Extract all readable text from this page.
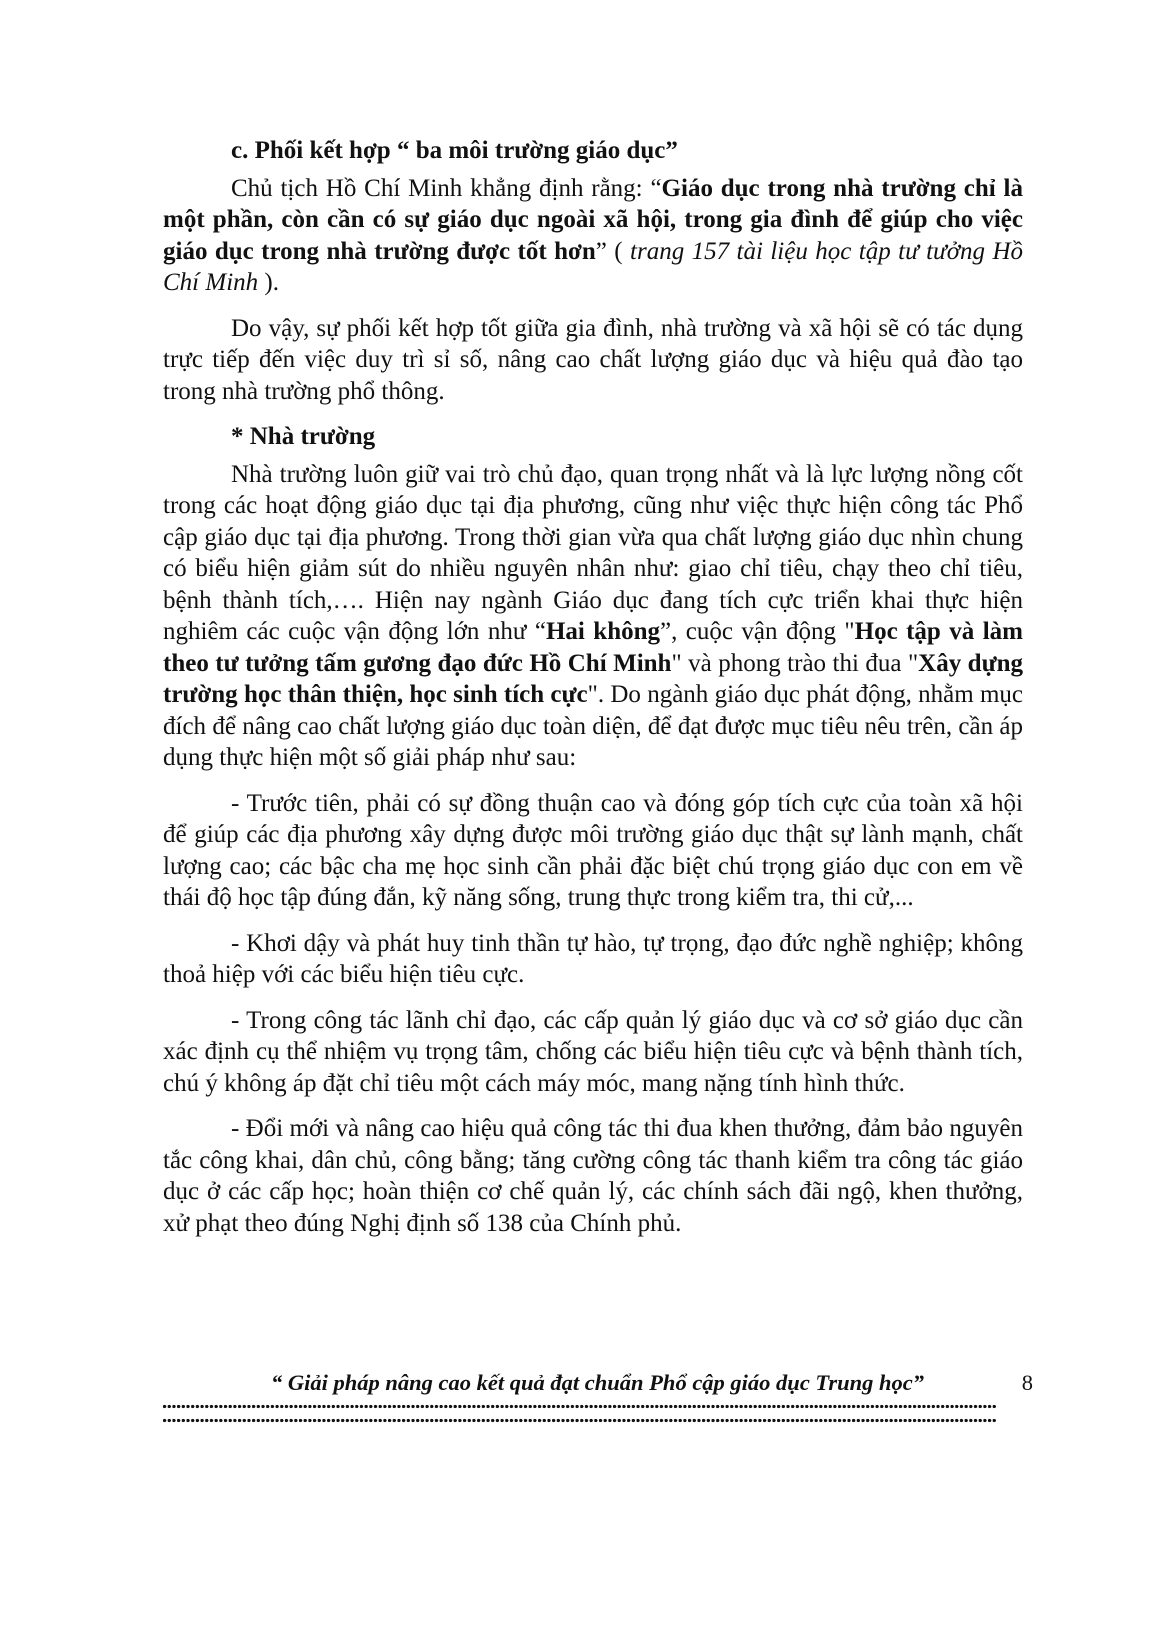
c. Phối kết hợp “ ba môi trường giáo dục”

Chủ tịch Hồ Chí Minh khẳng định rằng: “Giáo dục trong nhà trường chỉ là một phần, còn cần có sự giáo dục ngoài xã hội, trong gia đình để giúp cho việc giáo dục trong nhà trường được tốt hơn” ( trang 157 tài liệu học tập tư tưởng Hồ Chí Minh ).

Do vậy, sự phối kết hợp tốt giữa gia đình, nhà trường và xã hội sẽ có tác dụng trực tiếp đến việc duy trì sỉ số, nâng cao chất lượng giáo dục và hiệu quả đào tạo trong nhà trường phổ thông.

* Nhà trường

Nhà trường luôn giữ vai trò chủ đạo, quan trọng nhất và là lực lượng nồng cốt trong các hoạt động giáo dục tại địa phương, cũng như việc thực hiện công tác Phổ cập giáo dục tại địa phương. Trong thời gian vừa qua chất lượng giáo dục nhìn chung có biểu hiện giảm sút do nhiều nguyên nhân như: giao chỉ tiêu, chạy theo chỉ tiêu, bệnh thành tích,…. Hiện nay ngành Giáo dục đang tích cực triển khai thực hiện nghiêm các cuộc vận động lớn như “Hai không”, cuộc vận động "Học tập và làm theo tư tưởng tấm gương đạo đức Hồ Chí Minh" và phong trào thi đua "Xây dựng trường học thân thiện, học sinh tích cực". Do ngành giáo dục phát động, nhằm mục đích để nâng cao chất lượng giáo dục toàn diện, để đạt được mục tiêu nêu trên, cần áp dụng thực hiện một số giải pháp như sau:

- Trước tiên, phải có sự đồng thuận cao và đóng góp tích cực của toàn xã hội để giúp các địa phương xây dựng được môi trường giáo dục thật sự lành mạnh, chất lượng cao; các bậc cha mẹ học sinh cần phải đặc biệt chú trọng giáo dục con em về thái độ học tập đúng đắn, kỹ năng sống, trung thực trong kiểm tra, thi cử,...

- Khơi dậy và phát huy tinh thần tự hào, tự trọng, đạo đức nghề nghiệp; không thoả hiệp với các biểu hiện tiêu cực.

- Trong công tác lãnh chỉ đạo, các cấp quản lý giáo dục và cơ sở giáo dục cần xác định cụ thể nhiệm vụ trọng tâm, chống các biểu hiện tiêu cực và bệnh thành tích, chú ý không áp đặt chỉ tiêu một cách máy móc, mang nặng tính hình thức.

- Đổi mới và nâng cao hiệu quả công tác thi đua khen thưởng, đảm bảo nguyên tắc công khai, dân chủ, công bằng; tăng cường công tác thanh kiểm tra công tác giáo dục ở các cấp học; hoàn thiện cơ chế quản lý, các chính sách đãi ngộ, khen thưởng, xử phạt theo đúng Nghị định số 138 của Chính phủ.

“ Giải pháp nâng cao kết quả đạt chuẩn Phổ cập giáo dục Trung học”	8
